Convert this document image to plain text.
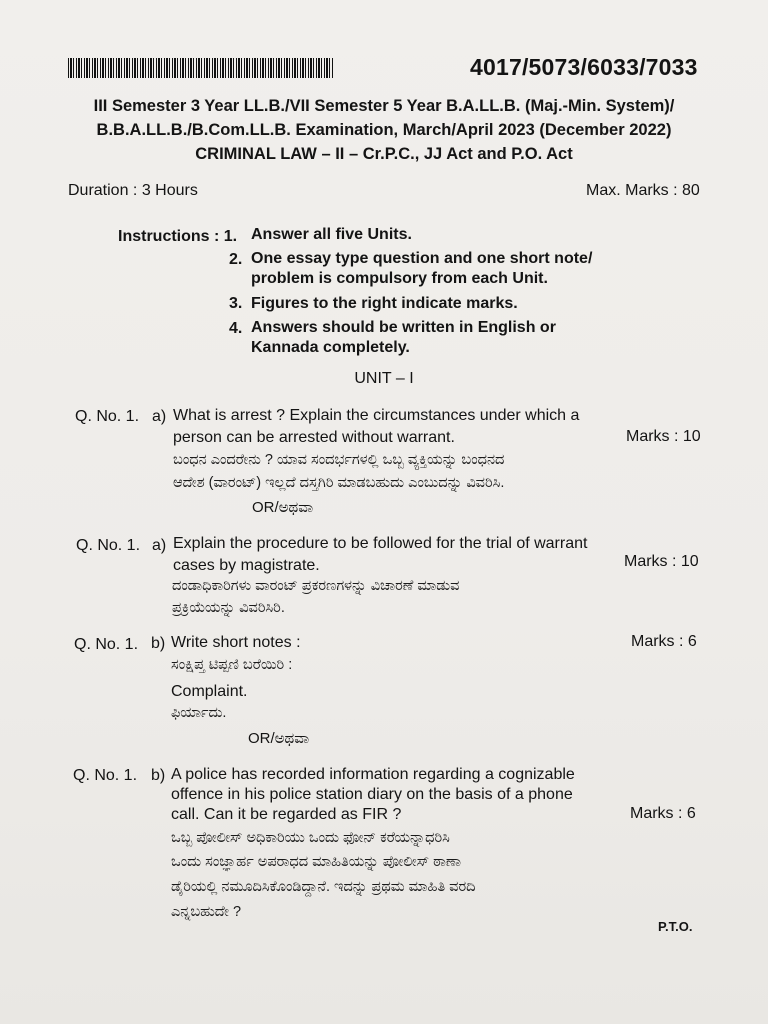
4017/5073/6033/7033
III Semester 3 Year LL.B./VII Semester 5 Year B.A.LL.B. (Maj.-Min. System)/
B.B.A.LL.B./B.Com.LL.B. Examination, March/April 2023 (December 2022)
CRIMINAL LAW – II – Cr.P.C., JJ Act and P.O. Act
Duration : 3 Hours	Max. Marks : 80
Instructions : 1. Answer all five Units.
2. One essay type question and one short note/
problem is compulsory from each Unit.
3. Figures to the right indicate marks.
4. Answers should be written in English or
Kannada completely.
UNIT – I
Q. No. 1. a) What is arrest ? Explain the circumstances under which a
person can be arrested without warrant.	Marks : 10
ಬಂಧನ ಎಂದರೇನು ? ಯಾವ ಸಂದರ್ಭಗಳಲ್ಲಿ ಒಬ್ಬ ವ್ಯಕ್ತಿಯನ್ನು ಬಂಧನದ
ಆದೇಶ (ವಾರಂಟ್) ಇಲ್ಲದೆ ದಸ್ತಗಿರಿ ಮಾಡಬಹುದು ಎಂಬುದನ್ನು ವಿವರಿಸಿ.
OR/ಅಥವಾ
Q. No. 1. a) Explain the procedure to be followed for the trial of warrant
cases by magistrate.	Marks : 10
ದಂಡಾಧಿಕಾರಿಗಳು ವಾರಂಟ್ ಪ್ರಕರಣಗಳನ್ನು ವಿಚಾರಣೆ ಮಾಡುವ
ಪ್ರಕ್ರಿಯೆಯನ್ನು ವಿವರಿಸಿರಿ.
Q. No. 1. b) Write short notes :	Marks : 6
ಸಂಕ್ಷಿಪ್ತ ಟಿಪ್ಪಣಿ ಬರೆಯಿರಿ :
Complaint.
ಫಿರ್ಯಾದು.
OR/ಅಥವಾ
Q. No. 1. b) A police has recorded information regarding a cognizable
offence in his police station diary on the basis of a phone
call. Can it be regarded as FIR ?	Marks : 6
ಒಬ್ಬ ಪೋಲೀಸ್ ಅಧಿಕಾರಿಯು ಒಂದು ಫೋನ್ ಕರೆಯನ್ನಾಧರಿಸಿ
ಒಂದು ಸಂಜ್ಞಾರ್ಹ ಅಪರಾಧದ ಮಾಹಿತಿಯನ್ನು ಪೋಲೀಸ್ ಠಾಣಾ
ಡೈರಿಯಲ್ಲಿ ನಮೂದಿಸಿಕೊಂಡಿದ್ದಾನೆ. ಇದನ್ನು ಪ್ರಥಮ ಮಾಹಿತಿ ವರದಿ
ಎನ್ನಬಹುದೇ ?
P.T.O.
